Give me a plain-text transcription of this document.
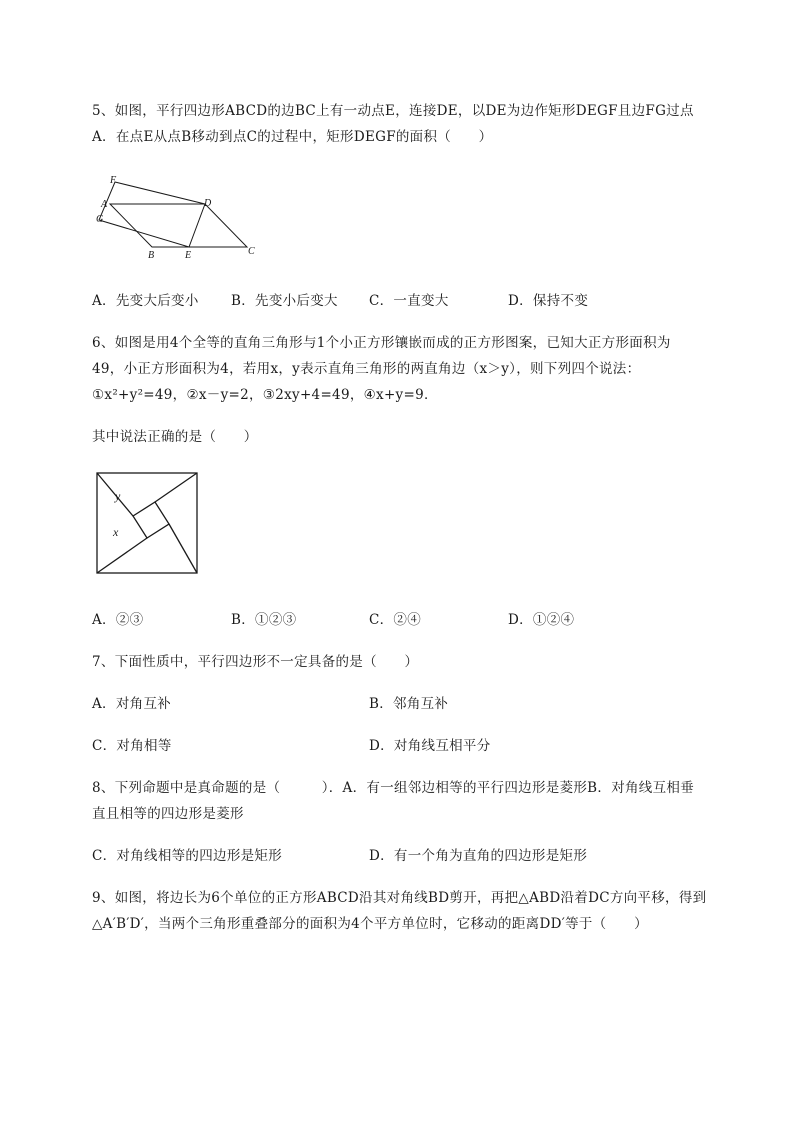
5、如图，平行四边形ABCD的边BC上有一动点E，连接DE，以DE为边作矩形DEGF且边FG过点
A．在点E从点B移动到点C的过程中，矩形DEGF的面积（　　）
F
A
G
B	E
D
C
A．先变大后变小 B．先变小后变大 C．一直变大	D．保持不变
6、如图是用4个全等的直角三角形与1个小正方形镶嵌而成的正方形图案，已知大正方形面积为
49，小正方形面积为4，若用x，y表示直角三角形的两直角边（x＞y），则下列四个说法：
①x²+y²=49，②x－y=2，③2xy+4=49，④x+y=9．
其中说法正确的是（　　）
y
x
A．②③	B．①②③	C．②④	D．①②④
7、下面性质中，平行四边形不一定具备的是（　　）
A．对角互补	B．邻角互补
C．对角相等	D．对角线互相平分
8、下列命题中是真命题的是（　　　）．A．有一组邻边相等的平行四边形是菱形B．对角线互相垂
直且相等的四边形是菱形
C．对角线相等的四边形是矩形	D．有一个角为直角的四边形是矩形
9、如图，将边长为6个单位的正方形ABCD沿其对角线BD剪开，再把△ABD沿着DC方向平移，得到
△A′B′D′，当两个三角形重叠部分的面积为4个平方单位时，它移动的距离DD′等于（　　）
